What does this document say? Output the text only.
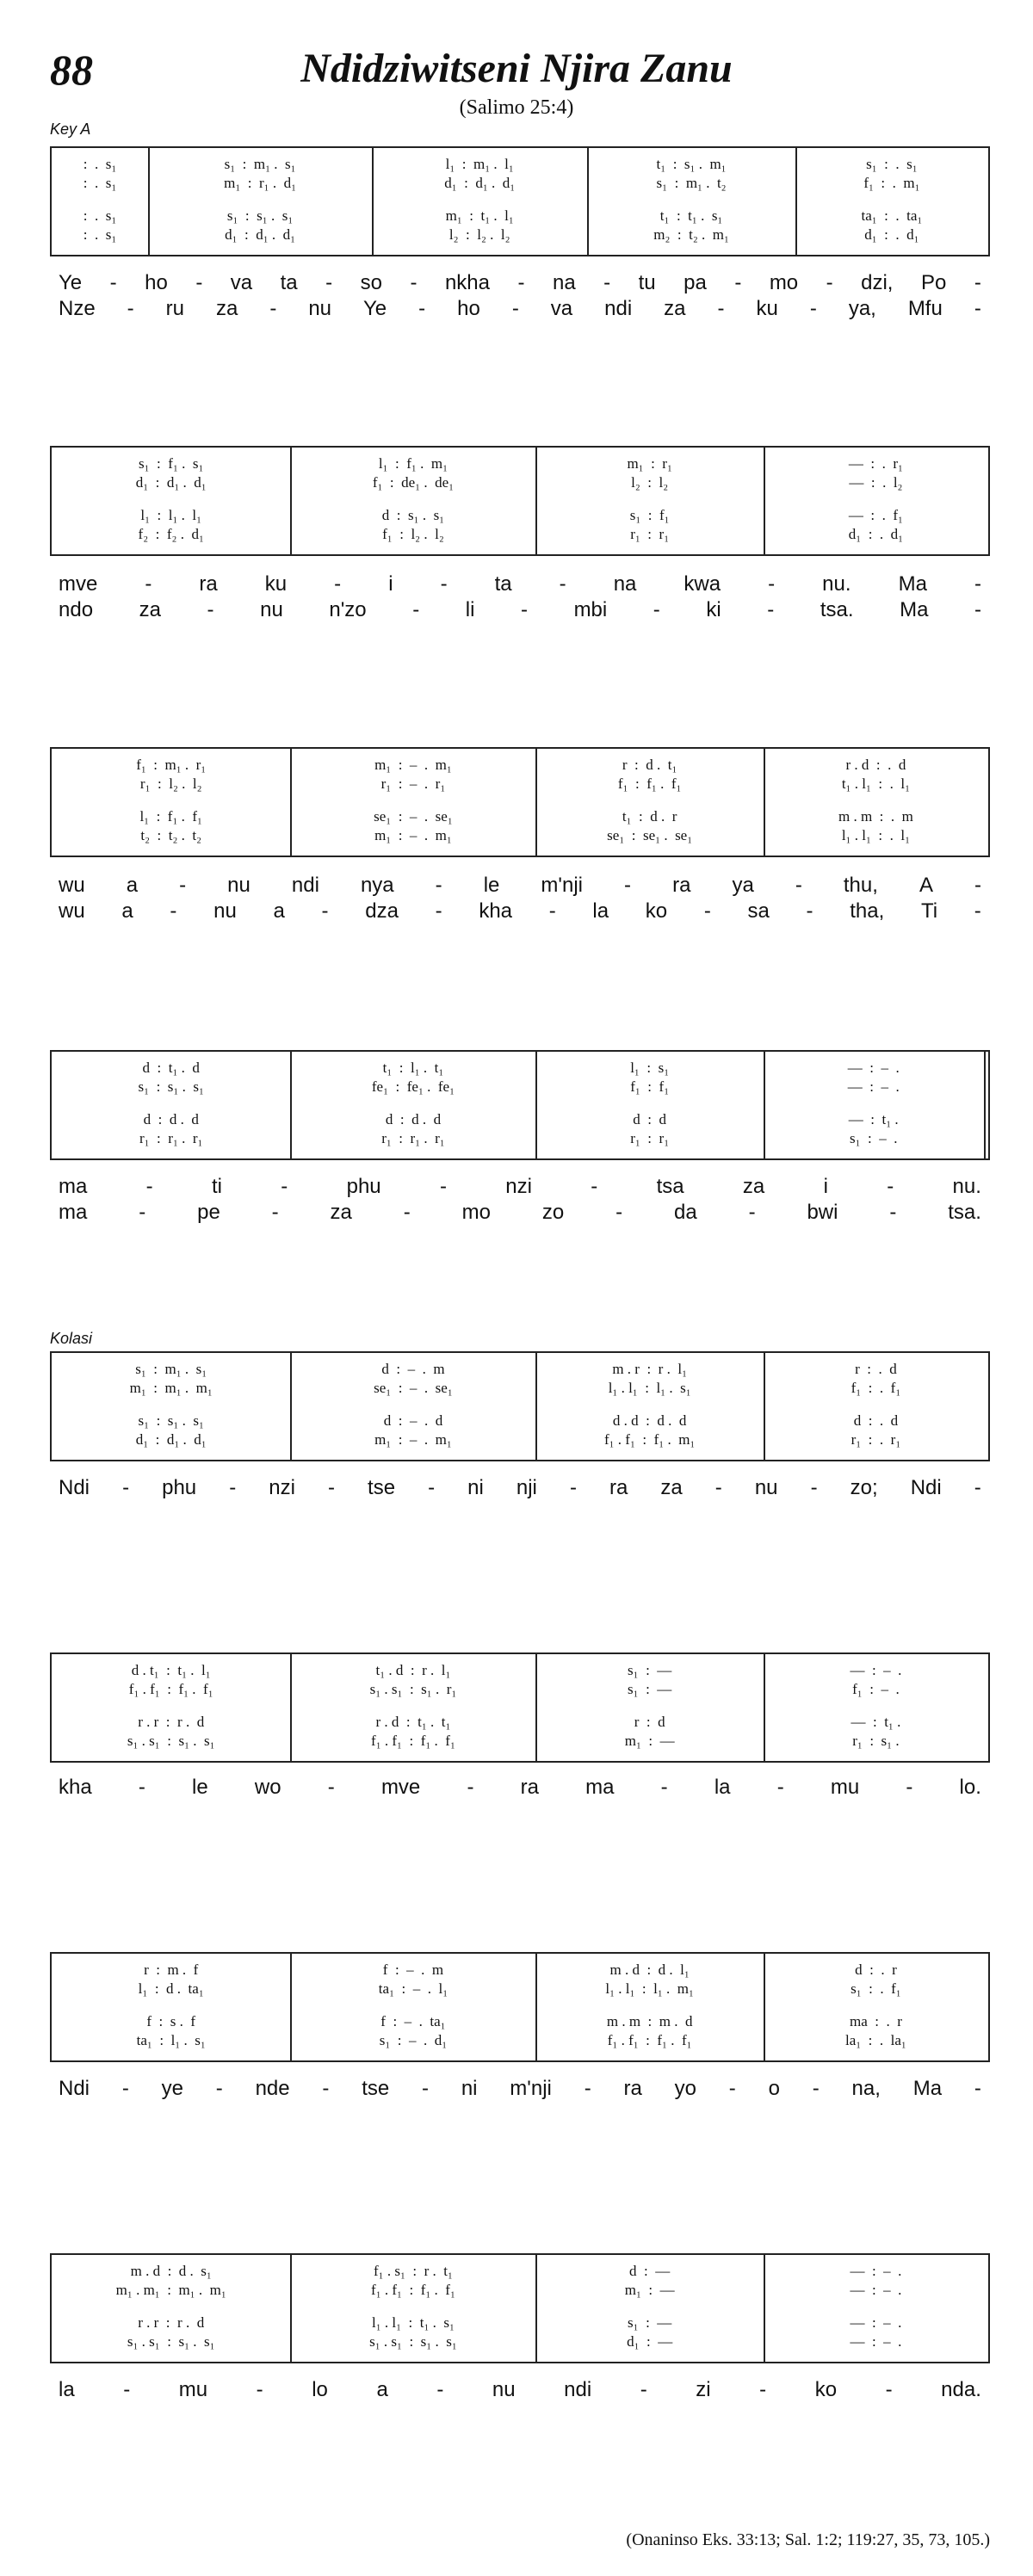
88	Ndidziwitseni Njira Zanu
(Salimo 25:4)
Key A
Kolasi
:  .  s₁	s₁  :  m₁ .  s₁	l₁  :  m₁ .  l₁	t₁  :  s₁ .  m₁	s₁  :  .  s₁
:  .  s₁	m₁  :  r₁ .  d₁	d₁  :  d₁ .  d₁	s₁  :  m₁ .  t₂	f₁  :  .  m₁
:  .  s₁	s₁  :  s₁ .  s₁	m₁  :  t₁ .  l₁	t₁  :  t₁ .  s₁	ta₁  :  .  ta₁
:  .  s₁	d₁  :  d₁ .  d₁	l₂  :  l₂ .  l₂	m₂  :  t₂ .  m₁	d₁  :  .  d₁
Ye - ho - va ta - so - nkha - na - tu pa - mo - dzi, Po -
Nze - ru za - nu Ye - ho - va ndi za - ku - ya, Mfu -
s₁  :  f₁ .  s₁	l₁  :  f₁ .  m₁	m₁  :  r₁	—  :  .  r₁
d₁  :  d₁ .  d₁	f₁  :  de₁ .  de₁	l₂  :  l₂	—  :  .  l₂
l₁  :  l₁ .  l₁	d  :  s₁ .  s₁	s₁  :  f₁	—  :  .  f₁
f₂  :  f₂ .  d₁	f₁  :  l₂ .  l₂	r₁  :  r₁	d₁  :  .  d₁
mve - ra ku - i - ta - na kwa - nu. Ma -
ndo za - nu n'zo - li - mbi - ki - tsa. Ma -
f₁  :  m₁ .  r₁	m₁  :  –  .  m₁	r  :  d .  t₁	r . d  :  .  d
r₁  :  l₂ .  l₂	r₁  :  –  .  r₁	f₁  :  f₁ .  f₁	t₁ . l₁  :  .  l₁
l₁  :  f₁ .  f₁	se₁  :  –  .  se₁	t₁  :  d .  r	m . m  :  .  m
t₂  :  t₂ .  t₂	m₁  :  –  .  m₁	se₁  :  se₁ .  se₁	l₁ . l₁  :  .  l₁
wu a - nu ndi nya - le m'nji - ra ya - thu, A -
wu a - nu a - dza - kha - la ko - sa - tha, Ti -
d  :  t₁ .  d	t₁  :  l₁ .  t₁	l₁  :  s₁	—  :  –  .
s₁  :  s₁ .  s₁	fe₁  :  fe₁ .  fe₁	f₁  :  f₁	—  :  –  .
d  :  d .  d	d  :  d .  d	d  :  d	—  :  t₁ .
r₁  :  r₁ .  r₁	r₁  :  r₁ .  r₁	r₁  :  r₁	s₁  :  –  .
ma	-	ti	-	phu	-	nzi	-	tsa	za	i	-	nu.
ma - pe - za - mo zo - da - bwi - tsa.
s₁  :  m₁ .  s₁	d  :  –  .  m	m . r  :  r .  l₁	r  :  .  d
m₁  :  m₁ .  m₁	se₁  :  –  .  se₁	l₁ . l₁  :  l₁ .  s₁	f₁  :  .  f₁
s₁  :  s₁ .  s₁	d  :  –  .  d	d . d  :  d .  d	d  :  .  d
d₁  :  d₁ .  d₁	m₁  :  –  .  m₁	f₁ . f₁  :  f₁ .  m₁	r₁  :  .  r₁
Ndi - phu - nzi - tse - ni nji - ra za - nu - zo; Ndi -
d . t₁  :  t₁ .  l₁	t₁ . d  :  r .  l₁	s₁  :  —	—  :  –  .
f₁ . f₁  :  f₁ .  f₁	s₁ . s₁  :  s₁ .  r₁	s₁  :  —	f₁  :  –  .
r . r  :  r .  d	r . d  :  t₁ .  t₁	r  :  d	—  :  t₁ .
s₁ . s₁  :  s₁ .  s₁	f₁ . f₁  :  f₁ .  f₁	m₁  :  —	r₁  :  s₁ .
kha - le wo - mve - ra ma - la - mu - lo.
r  :  m .  f	f  :  –  .  m	m . d  :  d .  l₁	d  :  .  r
l₁  :  d .  ta₁	ta₁  :  –  .  l₁	l₁ . l₁  :  l₁ .  m₁	s₁  :  .  f₁
f  :  s .  f	f  :  –  .  ta₁	m . m  :  m .  d	ma  :  .  r
ta₁  :  l₁ .  s₁	s₁  :  –  .  d₁	f₁ . f₁  :  f₁ .  f₁	la₁  :  .  la₁
Ndi - ye - nde - tse - ni m'nji - ra yo - o - na, Ma -
m . d  :  d .  s₁	f₁ . s₁  :  r .  t₁	d  :  —	—  :  –  .
m₁ . m₁  :  m₁ .  m₁	f₁ . f₁  :  f₁ .  f₁	m₁  :  —	—  :  –  .
r . r  :  r .  d	l₁ . l₁  :  t₁ .  s₁	s₁  :  —	—  :  –  .
s₁ . s₁  :  s₁ .  s₁	s₁ . s₁  :  s₁ .  s₁	d₁  :  —	—  :  –  .
la - mu - lo a - nu ndi - zi - ko - nda.
(Onaninso Eks. 33:13; Sal. 1:2; 119:27, 35, 73, 105.)
